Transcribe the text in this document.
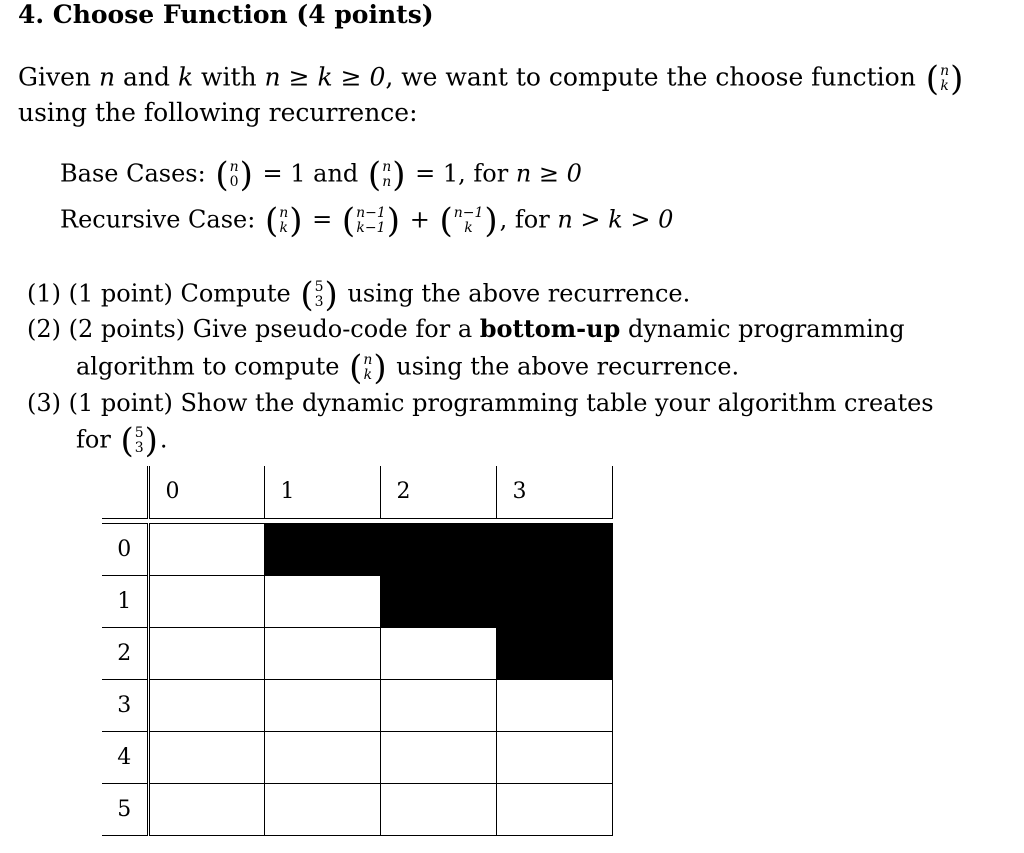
4. Choose Function (4 points)
Given n and k with n ≥ k ≥ 0, we want to compute the choose function ( n
k )
using the following recurrence:
Base Cases: ( n
0 ) = 1 and ( n
n ) = 1, for n ≥ 0
Recursive Case: ( n
k ) = ( n−1
k−1 ) + ( n−1
k ), for n > k > 0
(1) (1 point) Compute ( 5
3 ) using the above recurrence.
(2) (2 points) Give pseudo-code for a bottom-up dynamic programming
algorithm to compute ( n
k ) using the above recurrence.
(3) (1 point) Show the dynamic programming table your algorithm creates
for ( 5
3 ).
	0	1	2	3

0				
1				
2				
3				
4				
5				
